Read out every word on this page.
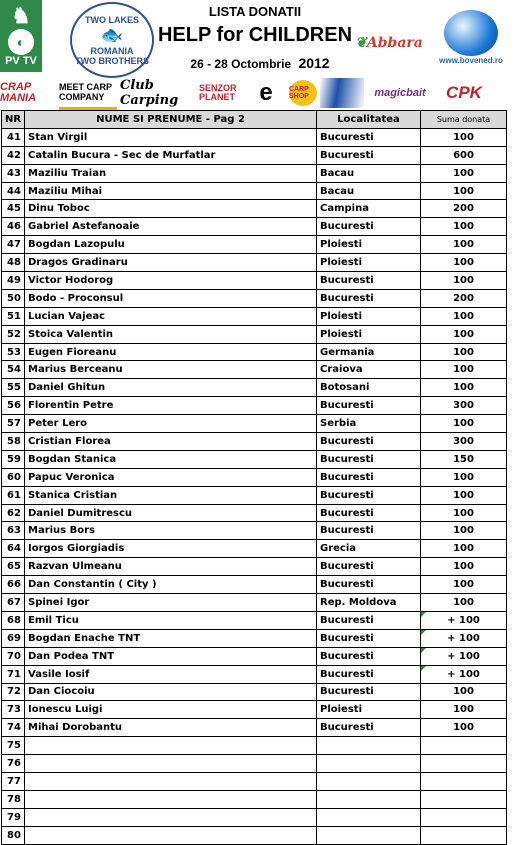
♞
◐
PV TV
TWO LAKES
🐟
ROMANIA
TWO BROTHERS
LISTA DONATII
HELP for CHILDREN
26 - 28 Octombrie 2012
❦ Abbara
www.bovened.ro
CRAP MANIA
MEET CARP COMPANY
Club Carping
SENZOR PLANET	e	CARP SHOP	magicbait	CPK
NR	NUME SI PRENUME - Pag 2	Localitatea	Suma donata
41	Stan Virgil	Bucuresti	100
42	Catalin Bucura - Sec de Murfatlar	Bucuresti	600
43	Maziliu Traian	Bacau	100
44	Maziliu Mihai	Bacau	100
45	Dinu Toboc	Campina	200
46	Gabriel Astefanoaie	Bucuresti	100
47	Bogdan Lazopulu	Ploiesti	100
48	Dragos Gradinaru	Ploiesti	100
49	Victor Hodorog	Bucuresti	100
50	Bodo - Proconsul	Bucuresti	200
51	Lucian Vajeac	Ploiesti	100
52	Stoica Valentin	Ploiesti	100
53	Eugen Fioreanu	Germania	100
54	Marius Berceanu	Craiova	100
55	Daniel Ghitun	Botosani	100
56	Florentin Petre	Bucuresti	300
57	Peter Lero	Serbia	100
58	Cristian Florea	Bucuresti	300
59	Bogdan Stanica	Bucuresti	150
60	Papuc Veronica	Bucuresti	100
61	Stanica Cristian	Bucuresti	100
62	Daniel Dumitrescu	Bucuresti	100
63	Marius Bors	Bucuresti	100
64	Iorgos Giorgiadis	Grecia	100
65	Razvan Ulmeanu	Bucuresti	100
66	Dan Constantin ( City )	Bucuresti	100
67	Spinei Igor	Rep. Moldova	100
68	Emil Ticu	Bucuresti	+ 100
69	Bogdan Enache TNT	Bucuresti	+ 100
70	Dan Podea TNT	Bucuresti	+ 100
71	Vasile Iosif	Bucuresti	+ 100
72	Dan Ciocoiu	Bucuresti	100
73	Ionescu Luigi	Ploiesti	100
74	Mihai Dorobantu	Bucuresti	100
75			
76			
77			
78			
79			
80			
